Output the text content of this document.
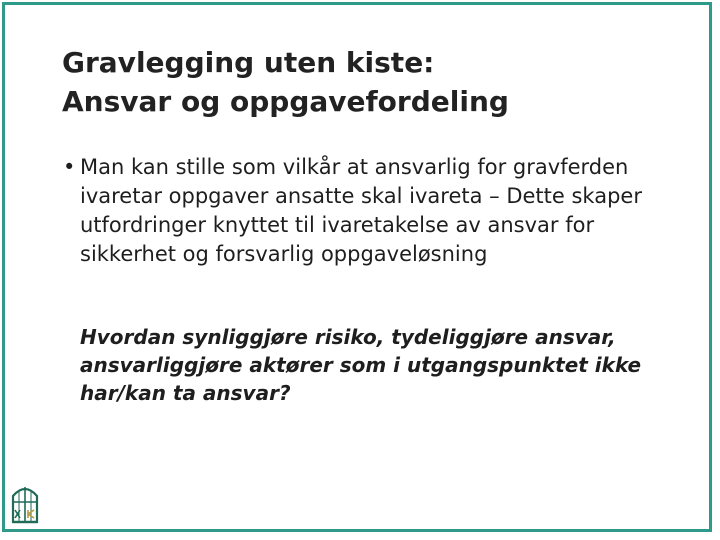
Gravlegging uten kiste:
Ansvar og oppgavefordeling
• Man kan stille som vilkår at ansvarlig for gravferden ivaretar oppgaver ansatte skal ivareta – Dette skaper utfordringer knyttet til ivaretakelse av ansvar for sikkerhet og forsvarlig oppgaveløsning

Hvordan synliggjøre risiko, tydeliggjøre ansvar, ansvarliggjøre aktører som i utgangspunktet ikke har/kan ta ansvar?
